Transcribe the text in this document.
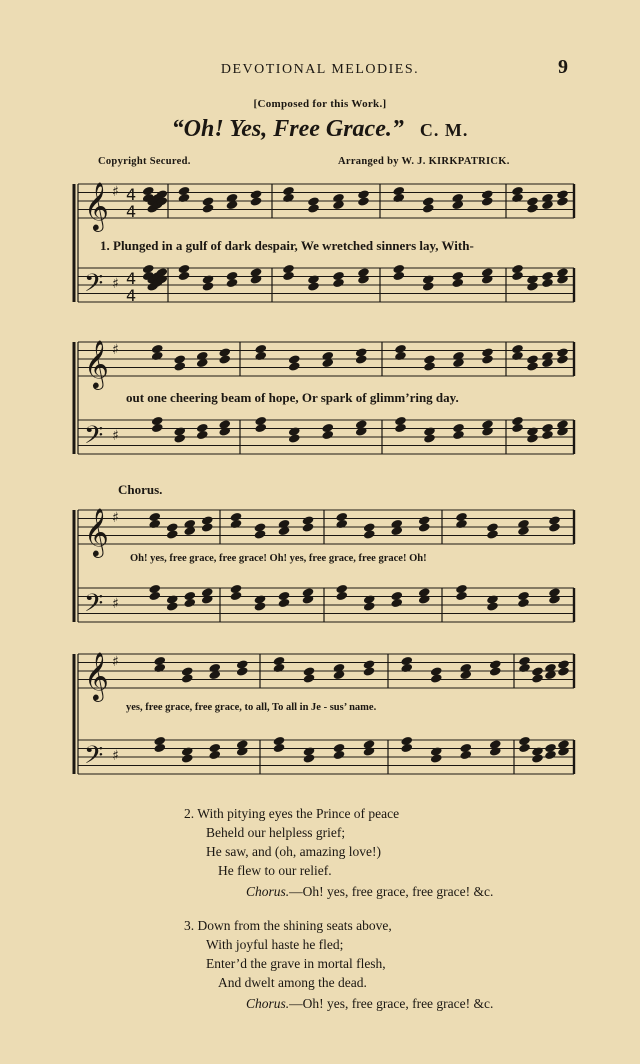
DEVOTIONAL MELODIES.	9
[Composed for this Work.]
“Oh! Yes, Free Grace.” C. M.
Copyright Secured.	Arranged by W. J. KIRKPATRICK.
𝄞
𝄢
♯
♯
4
4
4
4
𝄞
𝄢
♯
♯
𝄞
𝄢
♯
♯
𝄞
𝄢
♯
♯
1. Plunged in a gulf of dark despair, We wretched sinners lay, With-
out one cheering beam of hope, Or spark of glimm’ring day.
Chorus.
Oh! yes, free grace, free grace! Oh! yes, free grace, free grace! Oh!
yes, free grace, free grace, to all, To all in Je - sus’ name.
2. With pitying eyes the Prince of peace
Beheld our helpless grief;
He saw, and (oh, amazing love!)
He flew to our relief.
Chorus.—Oh! yes, free grace, free grace! &c.
3. Down from the shining seats above,
With joyful haste he fled;
Enter’d the grave in mortal flesh,
And dwelt among the dead.
Chorus.—Oh! yes, free grace, free grace! &c.
